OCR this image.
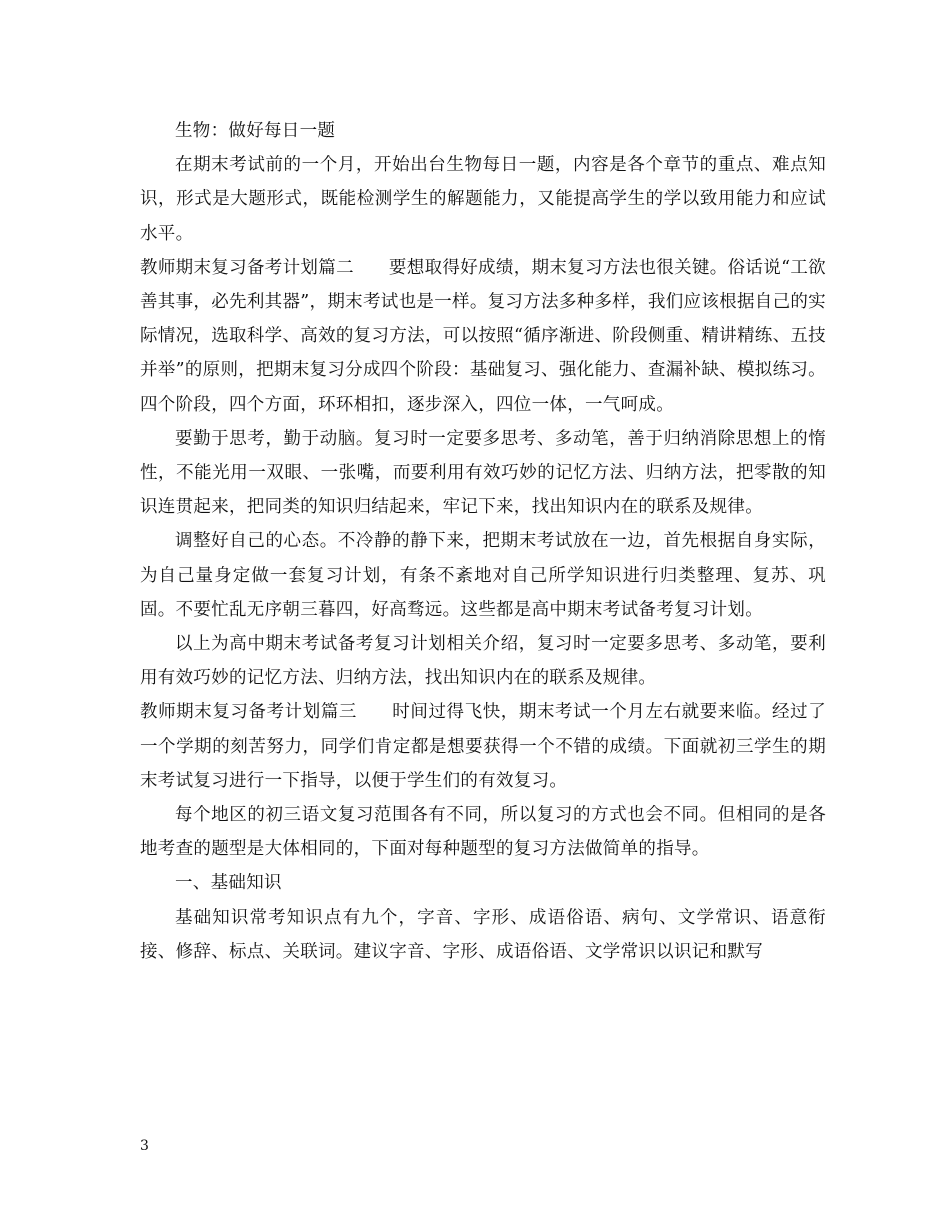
生物：做好每日一题

在期末考试前的一个月，开始出台生物每日一题，内容是各个章节的重点、难点知识，形式是大题形式，既能检测学生的解题能力，又能提高学生的学以致用能力和应试水平。

教师期末复习备考计划篇二 要想取得好成绩，期末复习方法也很关键。俗话说“工欲善其事，必先利其器”，期末考试也是一样。复习方法多种多样，我们应该根据自己的实际情况，选取科学、高效的复习方法，可以按照“循序渐进、阶段侧重、精讲精练、五技并举”的原则，把期末复习分成四个阶段：基础复习、强化能力、查漏补缺、模拟练习。四个阶段，四个方面，环环相扣，逐步深入，四位一体，一气呵成。

要勤于思考，勤于动脑。复习时一定要多思考、多动笔，善于归纳消除思想上的惰性，不能光用一双眼、一张嘴，而要利用有效巧妙的记忆方法、归纳方法，把零散的知识连贯起来，把同类的知识归结起来，牢记下来，找出知识内在的联系及规律。

调整好自己的心态。不冷静的静下来，把期末考试放在一边，首先根据自身实际，为自己量身定做一套复习计划，有条不紊地对自己所学知识进行归类整理、复苏、巩固。不要忙乱无序朝三暮四，好高骛远。这些都是高中期末考试备考复习计划。

以上为高中期末考试备考复习计划相关介绍，复习时一定要多思考、多动笔，要利用有效巧妙的记忆方法、归纳方法，找出知识内在的联系及规律。

教师期末复习备考计划篇三 时间过得飞快，期末考试一个月左右就要来临。经过了一个学期的刻苦努力，同学们肯定都是想要获得一个不错的成绩。下面就初三学生的期末考试复习进行一下指导，以便于学生们的有效复习。

每个地区的初三语文复习范围各有不同，所以复习的方式也会不同。但相同的是各地考查的题型是大体相同的，下面对每种题型的复习方法做简单的指导。

一、基础知识

基础知识常考知识点有九个，字音、字形、成语俗语、病句、文学常识、语意衔接、修辞、标点、关联词。建议字音、字形、成语俗语、文学常识以识记和默写

3
